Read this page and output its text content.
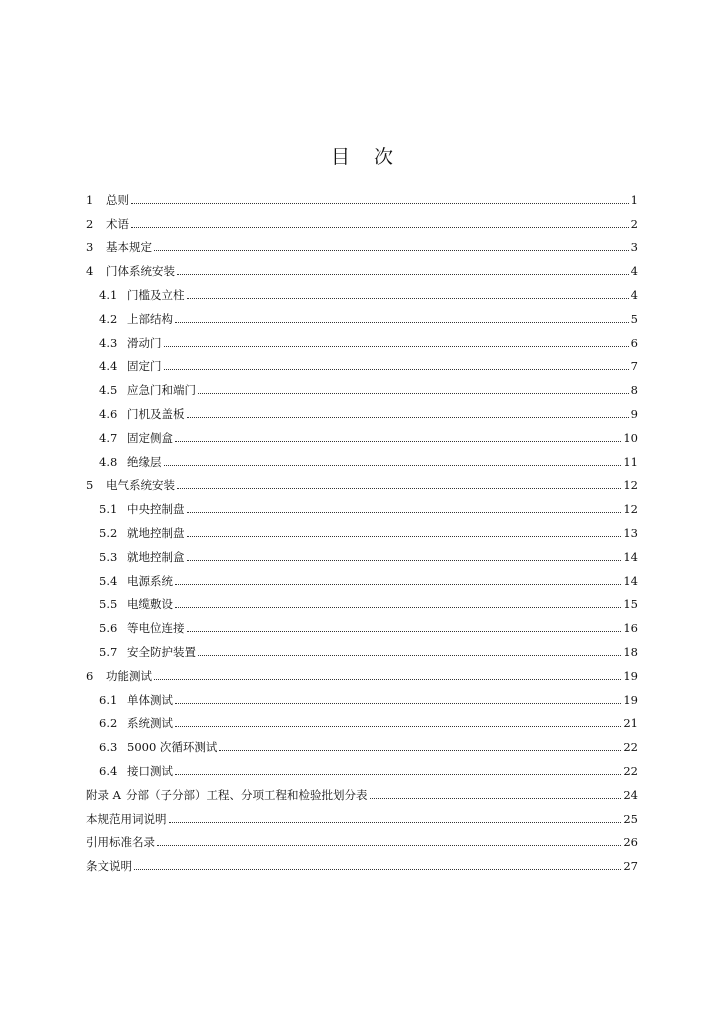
目 次
1	总则	1
2	术语	2
3	基本规定	3
4	门体系统安装	4
4.1 门槛及立柱	4
4.2 上部结构	5
4.3 滑动门	6
4.4 固定门	7
4.5 应急门和端门	8
4.6 门机及盖板	9
4.7 固定侧盒	10
4.8 绝缘层	11
5	电气系统安装	12
5.1 中央控制盘	12
5.2 就地控制盘	13
5.3 就地控制盒	14
5.4 电源系统	14
5.5 电缆敷设	15
5.6 等电位连接	16
5.7 安全防护装置	18
6	功能测试	19
6.1 单体测试	19
6.2 系统测试	21
6.3 5000 次循环测试	22
6.4 接口测试	22
附录 A 分部（子分部）工程、分项工程和检验批划分表	24
本规范用词说明	25
引用标准名录	26
条文说明	27
